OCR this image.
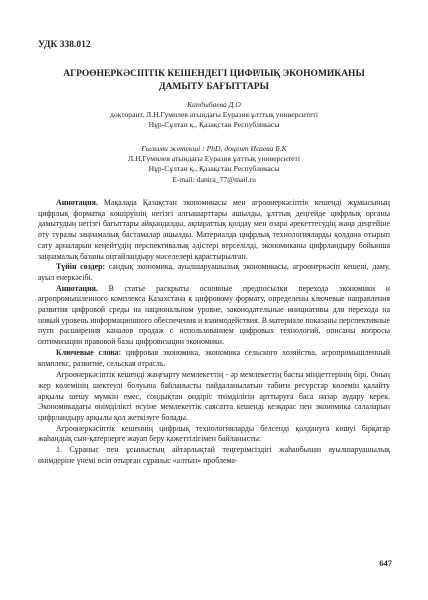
УДК 338.012
АГРОӨНЕРКӘСІПТІК КЕШЕНДЕГІ ЦИФРЛЫҚ ЭКОНОМИКАНЫ
ДАМЫТУ БАҒЫТТАРЫ
Капдыбаева Д.О
докторант, Л.Н.Гумилев атындағы Еуразия ұлттық университеті
Нұр-Сұлтан қ., Қазақстан Республикасы
Ғылыми жетекші : PhD, доцент Исаева Б.К
Л.Н.Гумилев атындағы Еуразия ұлттық университеті
Нұр-Сұлтан қ., Қазақстан Республикасы
E-mail: danira_77@mail.ru

Аннотация. Мақалада Қазақстан экономикасы мен агроөнеркәсіптік кешенді жұмысының цифрлық форматқа көшіруінің негізгі алғышарттары ашылды, ұлттық деңгейде цифрлық органы дамытудың негізгі бағыттары айқындалды, ақпараттық қолдау мен өзара әрекеттесудің жаңа деңгейіне өту туралы заңнамалық бастамалар ашылды. Материалда цифрлық технологияларды қолдана отырып сату арналарын кеңейтудің перспективалық әдістері верселілді, экономиканы цифрландыру бойынша заңнамалық базаны оңтайландыру мәселелері қарастырылған.

Түйін сөздер: сандық экономика, ауылшаруашылық экономикасы, агроөнеркәсіп кешені, даму, ауыл енеркәсібі.

Аннотация. В статье раскрыты основные предпосылки перехода экономики и агропромышленного комплекса Казахстана к цифровому формату, определены ключевые направления развития цифровой среды на национальном уровне, законодательные инициативы для перехода на новый уровень информационного обеспечения и взаимодействия. В материале показаны перспективные пути расширения каналов продаж с использованием цифровых технологий, описаны вопросы оптимизации правовой базы цифровизации экономики.

Ключевые слова: цифровая экономика, экономика сельского хозяйства, агропромышленный комплекс, развитие, сельская отрасль.

Агроөнеркәсіптік кешенді жаңғырту мемлекеттің - әр мемлекеттің басты міндеттерінің бірі. Оның жер көлемінің шектеулі болуына байланысты пайдаланылатын табиғи ресурстар көлемін қалайту арқылы шешу мүмкін емес, сондықтан өндіріс тиімділігін арттыруға баса назар аудару керек. Экономикадағы өнімділікті өсуіне мемлекеттік саясатта кешенді кезқарас пен экономика салаларын цифрландыру арқылы қол жеткізуге болады.

Агроөнеркәсіптік кешеннің цифрлық технологияларды белсенді қолдануға көшуі бірқатар жаһандық сын-қатерлерге жауап беру қажеттілігімен байланысты:

1. Сұраныс пен ұсыныстың айтарлықтай теңгерімсіздігі жаһанбынан ауылшаруашылық өнімдеріне үнемі өсіп отырған сұраныс «алтын» проблема-

647
